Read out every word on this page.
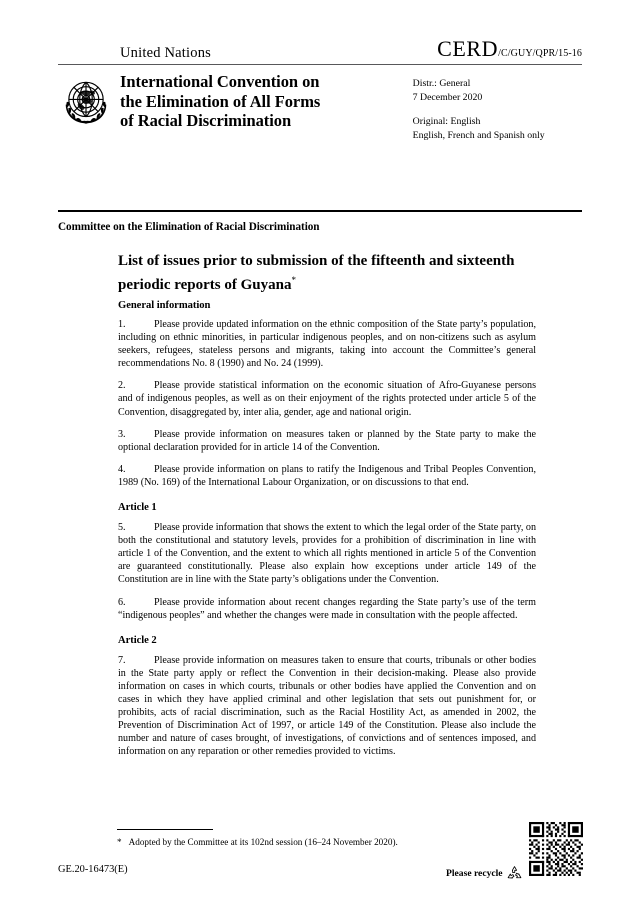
United Nations	CERD /C/GUY/QPR/15-16
International Convention on
the Elimination of All Forms
of Racial Discrimination
Distr.: General
7 December 2020
Original: English
English, French and Spanish only
Committee on the Elimination of Racial Discrimination
List of issues prior to submission of the fifteenth and sixteenth periodic reports of Guyana*
General information

1.	Please provide updated information on the ethnic composition of the State party’s population, including on ethnic minorities, in particular indigenous peoples, and on non-citizens such as asylum seekers, refugees, stateless persons and migrants, taking into account the Committee’s general recommendations No. 8 (1990) and No. 24 (1999).

2.	Please provide statistical information on the economic situation of Afro-Guyanese persons and of indigenous peoples, as well as on their enjoyment of the rights protected under article 5 of the Convention, disaggregated by, inter alia, gender, age and national origin.

3.	Please provide information on measures taken or planned by the State party to make the optional declaration provided for in article 14 of the Convention.

4.	Please provide information on plans to ratify the Indigenous and Tribal Peoples Convention, 1989 (No. 169) of the International Labour Organization, or on discussions to that end.

Article 1

5.	Please provide information that shows the extent to which the legal order of the State party, on both the constitutional and statutory levels, provides for a prohibition of discrimination in line with article 1 of the Convention, and the extent to which all rights mentioned in article 5 of the Convention are guaranteed constitutionally. Please also explain how exceptions under article 149 of the Constitution are in line with the State party’s obligations under the Convention.

6.	Please provide information about recent changes regarding the State party’s use of the term “indigenous peoples” and whether the changes were made in consultation with the people affected.

Article 2

7.	Please provide information on measures taken to ensure that courts, tribunals or other bodies in the State party apply or reflect the Convention in their decision-making. Please also provide information on cases in which courts, tribunals or other bodies have applied the Convention and on cases in which they have applied criminal and other legislation that sets out punishment for, or prohibits, acts of racial discrimination, such as the Racial Hostility Act, as amended in 2002, the Prevention of Discrimination Act of 1997, or article 149 of the Constitution. Please also include the number and nature of cases brought, of investigations, of convictions and of sentences imposed, and information on any reparation or other remedies provided to victims.

* Adopted by the Committee at its 102nd session (16–24 November 2020).
GE.20-16473(E)	Please recycle
